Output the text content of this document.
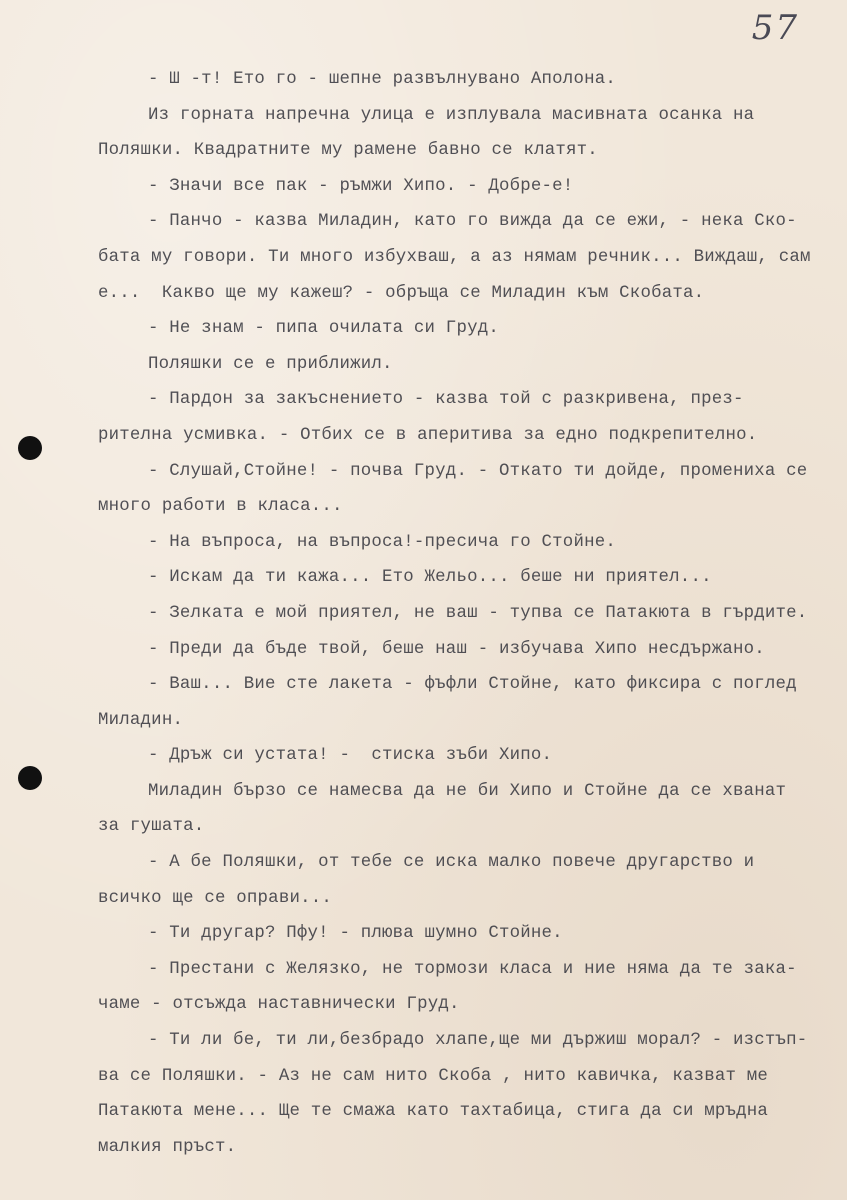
57
- Ш -т! Ето го - шепне развълнувано Аполона.
Из горната напречна улица е изплувала масивната осанка на
Поляшки. Квадратните му рамене бавно се клатят.
- Значи все пак - ръмжи Хипо. - Добре-е!
- Панчо - казва Миладин, като го вижда да се ежи, - нека Ско-
бата му говори. Ти много избухваш, а аз нямам речник... Виждаш, сам
е...  Какво ще му кажеш? - обръща се Миладин към Скобата.
- Не знам - пипа очилата си Груд.
Поляшки се е приближил.
- Пардон за закъснението - казва той с разкривена, през-
рителна усмивка. - Отбих се в аперитива за едно подкрепително.
- Слушай,Стойне! - почва Груд. - Откато ти дойде, промениха се
много работи в класа...
- На въпроса, на въпроса!-пресича го Стойне.
- Искам да ти кажа... Ето Жельо... беше ни приятел...
- Зелката е мой приятел, не ваш - тупва се Патакюта в гърдите.
- Преди да бъде твой, беше наш - избучава Хипо несдържано.
- Ваш... Вие сте лакета - фъфли Стойне, като фиксира с поглед
Миладин.
- Дръж си устата! -  стиска зъби Хипо.
Миладин бързо се намесва да не би Хипо и Стойне да се хванат
за гушата.
- А бе Поляшки, от тебе се иска малко повече другарство и
всичко ще се оправи...
- Ти другар? Пфу! - плюва шумно Стойне.
- Престани с Желязко, не тормози класа и ние няма да те зака-
чаме - отсъжда наставнически Груд.
- Ти ли бе, ти ли,безбрадо хлапе,ще ми държиш морал? - изстъп-
ва се Поляшки. - Аз не сам нито Скоба , нито кавичка, казват ме
Патакюта мене... Ще те смажа като тахтабица, стига да си мръдна
малкия пръст.
